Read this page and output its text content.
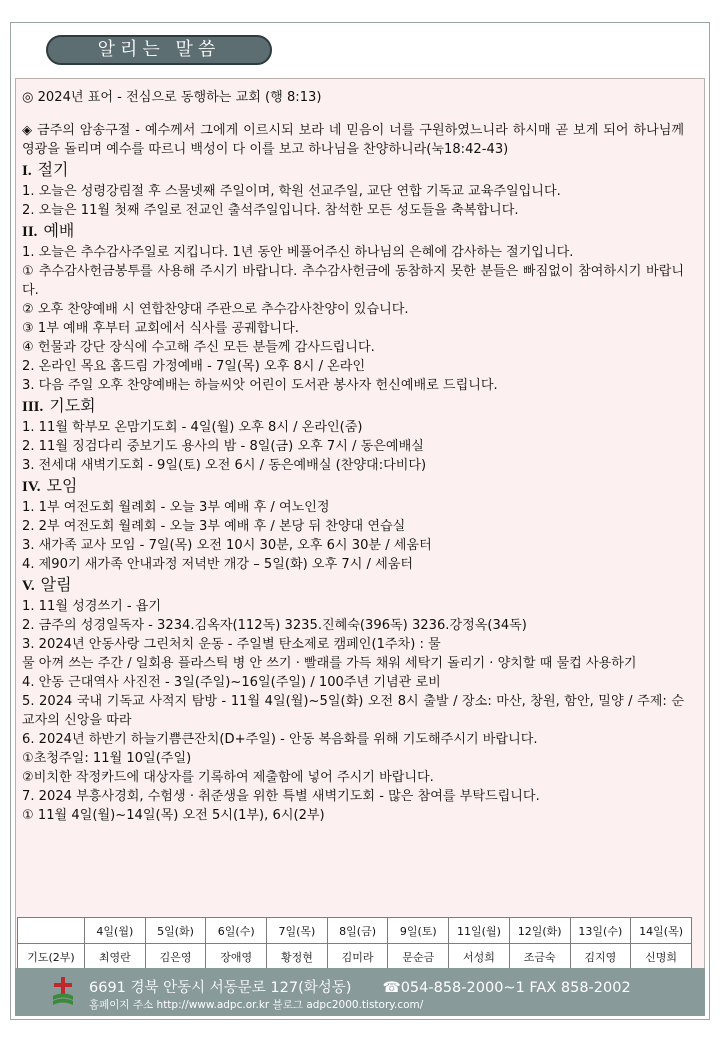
알리는 말씀

◎ 2024년 표어 - 전심으로 동행하는 교회 (행 8:13)

◈ 금주의 암송구절 - 예수께서 그에게 이르시되 보라 네 믿음이 너를 구원하였느니라 하시매 곧 보게 되어 하나님께 영광을 돌리며 예수를 따르니 백성이 다 이를 보고 하나님을 찬양하니라(눅18:42-43)

I. 절기

1. 오늘은 성령강림절 후 스물넷째 주일이며, 학원 선교주일, 교단 연합 기독교 교육주일입니다.

2. 오늘은 11월 첫째 주일로 전교인 출석주일입니다. 참석한 모든 성도들을 축복합니다.

II. 예배

1. 오늘은 추수감사주일로 지킵니다. 1년 동안 베풀어주신 하나님의 은혜에 감사하는 절기입니다.

① 추수감사헌금봉투를 사용해 주시기 바랍니다. 추수감사헌금에 동참하지 못한 분들은 빠짐없이 참여하시기 바랍니다.

② 오후 찬양예배 시 연합찬양대 주관으로 추수감사찬양이 있습니다.

③ 1부 예배 후부터 교회에서 식사를 공궤합니다.

④ 헌물과 강단 장식에 수고해 주신 모든 분들께 감사드립니다.

2. 온라인 목요 홈드림 가정예배 - 7일(목) 오후 8시 / 온라인

3. 다음 주일 오후 찬양예배는 하늘씨앗 어린이 도서관 봉사자 헌신예배로 드립니다.

III. 기도회

1. 11월 학부모 온맘기도회 - 4일(월) 오후 8시 / 온라인(줌)

2. 11월 징검다리 중보기도 용사의 밤 - 8일(금) 오후 7시 / 동은예배실

3. 전세대 새벽기도회 - 9일(토) 오전 6시 / 동은예배실 (찬양대:다비다)

IV. 모임

1. 1부 여전도회 월례회 - 오늘 3부 예배 후 / 여노인정

2. 2부 여전도회 월례회 - 오늘 3부 예배 후 / 본당 뒤 찬양대 연습실

3. 새가족 교사 모임 - 7일(목) 오전 10시 30분, 오후 6시 30분 / 세움터

4. 제90기 새가족 안내과정 저녁반 개강 – 5일(화) 오후 7시 / 세움터

V. 알림

1. 11월 성경쓰기 - 욥기

2. 금주의 성경일독자 - 3234.김옥자(112독) 3235.진혜숙(396독) 3236.강정옥(34독)

3. 2024년 안동사랑 그린처치 운동 - 주일별 탄소제로 캠페인(1주차) : 물

물 아껴 쓰는 주간 / 일회용 플라스틱 병 안 쓰기 · 빨래를 가득 채워 세탁기 돌리기 · 양치할 때 물컵 사용하기

4. 안동 근대역사 사진전 - 3일(주일)~16일(주일) / 100주년 기념관 로비

5. 2024 국내 기독교 사적지 탐방 - 11월 4일(월)~5일(화) 오전 8시 출발 / 장소: 마산, 창원, 함안, 밀양 / 주제: 순교자의 신앙을 따라

6. 2024년 하반기 하늘기쁨큰잔치(D+주일) - 안동 복음화를 위해 기도해주시기 바랍니다.

①초청주일: 11월 10일(주일)

②비치한 작정카드에 대상자를 기록하여 제출함에 넣어 주시기 바랍니다.

7. 2024 부흥사경회, 수험생 · 취준생을 위한 특별 새벽기도회 - 많은 참여를 부탁드립니다.

① 11월 4일(월)~14일(목) 오전 5시(1부), 6시(2부)

	4일(월)	5일(화)	6일(수)	7일(목)	8일(금)	9일(토)	11일(월)	12일(화)	13일(수)	14일(목)
기도(2부)	최영란	김은영	장애영	황정현	김미라	문순금	서성희	조금숙	김지영	신명희
6691 경북 안동시 서동문로 127(화성동) ☎054-858-2000~1 FAX 858-2002
홈페이지 주소 http://www.adpc.or.kr 블로그 adpc2000.tistory.com/
